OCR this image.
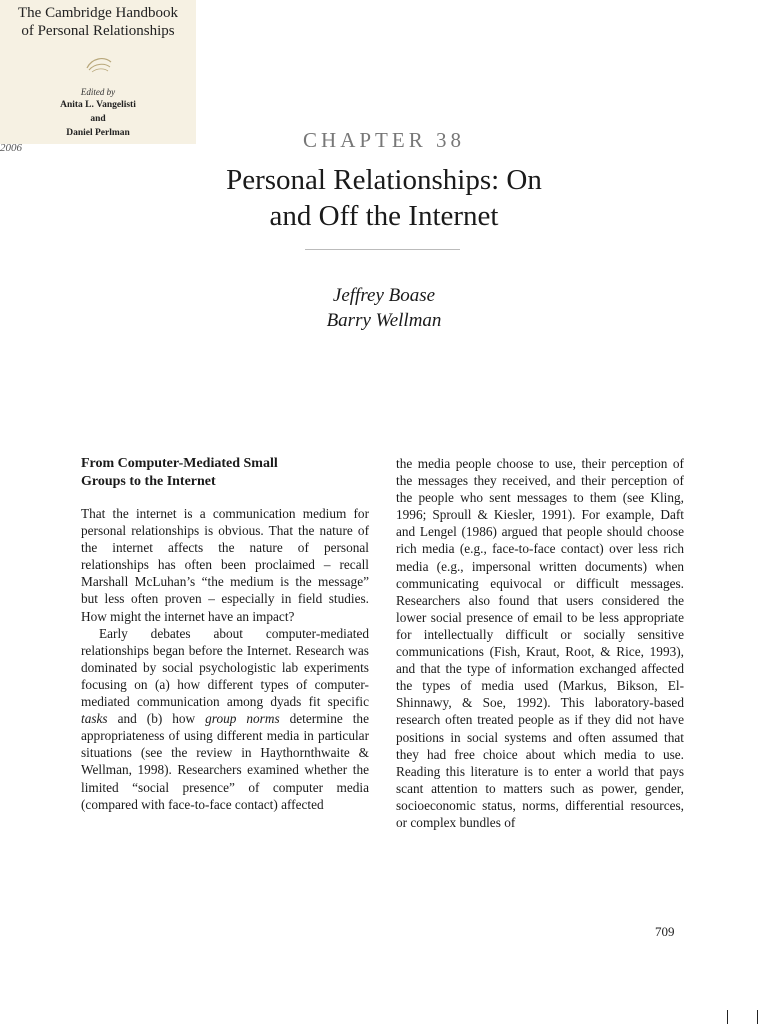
The Cambridge Handbook
of Personal Relationships
Edited by
Anita L. Vangelisti
and
Daniel Perlman
2006	CHAPTER 38
Personal Relationships: On
and Off the Internet
Jeffrey Boase
Barry Wellman
From Computer-Mediated Small
Groups to the Internet

That the internet is a communication medium for personal relationships is obvious. That the nature of the internet affects the nature of personal relationships has often been proclaimed – recall Marshall McLuhan’s “the medium is the message” but less often proven – especially in field studies. How might the internet have an impact?

Early debates about computer-mediated relationships began before the Internet. Research was dominated by social psychologistic lab experiments focusing on (a) how different types of computer-mediated communication among dyads fit specific tasks and (b) how group norms determine the appropriateness of using different media in particular situations (see the review in Haythornthwaite & Wellman, 1998). Researchers examined whether the limited “social presence” of computer media (compared with face-to-face contact) affected

the media people choose to use, their perception of the messages they received, and their perception of the people who sent messages to them (see Kling, 1996; Sproull & Kiesler, 1991). For example, Daft and Lengel (1986) argued that people should choose rich media (e.g., face-to-face contact) over less rich media (e.g., impersonal written documents) when communicating equivocal or difficult messages. Researchers also found that users considered the lower social presence of email to be less appropriate for intellectually difficult or socially sensitive communications (Fish, Kraut, Root, & Rice, 1993), and that the type of information exchanged affected the types of media used (Markus, Bikson, El-Shinnawy, & Soe, 1992). This laboratory-based research often treated people as if they did not have positions in social systems and often assumed that they had free choice about which media to use. Reading this literature is to enter a world that pays scant attention to matters such as power, gender, socioeconomic status, norms, differential resources, or complex bundles of

709
